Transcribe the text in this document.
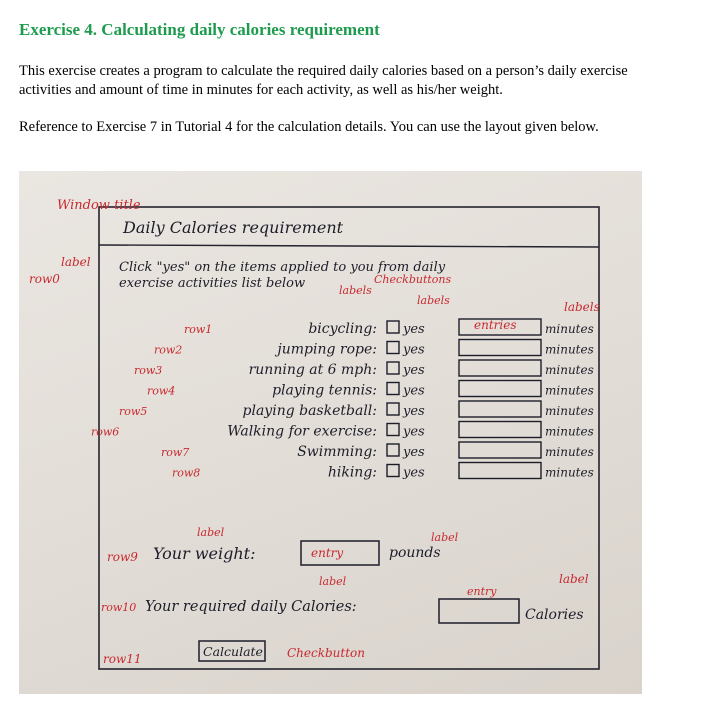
Exercise 4. Calculating daily calories requirement

This exercise creates a program to calculate the required daily calories based on a person’s daily exercise activities and amount of time in minutes for each activity, as well as his/her weight.

Reference to Exercise 7 in Tutorial 4 for the calculation details. You can use the layout given below.

Window title
Daily Calories requirement
label
row0
Click "yes" on the items applied to you from daily
exercise activities list below	labels
Checkbuttons
labels
entries
labels
row1	bicycling: yes	minutes
row2	jumping rope: yes	minutes
row3	running at 6 mph: yes	minutes
row4	playing tennis: yes	minutes
row5	playing basketball: yes	minutes
row6	Walking for exercise: yes	minutes
row7	Swimming: yes	minutes
row8	hiking: yes	minutes
label
row9 Your weight:	entry
label
pounds
label
row10 Your required daily Calories:
entry
label
Calories
row11	Calculate Checkbutton
